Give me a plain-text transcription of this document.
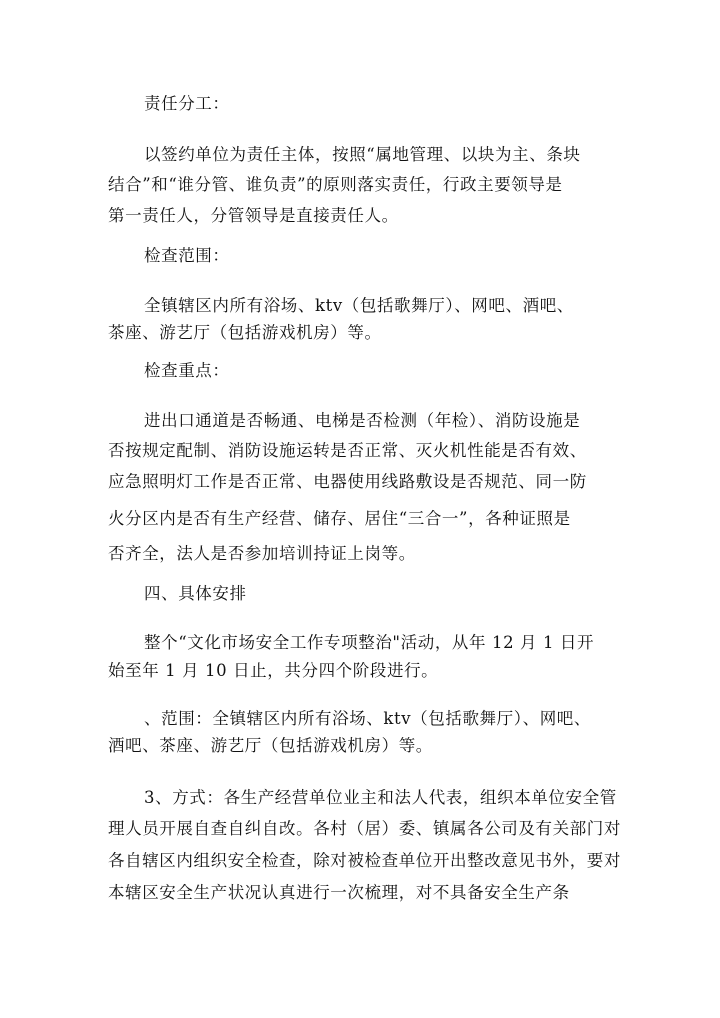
责任分工：
以签约单位为责任主体，按照“属地管理、以块为主、条块
结合”和“谁分管、谁负责”的原则落实责任，行政主要领导是
第一责任人，分管领导是直接责任人。
检查范围：
全镇辖区内所有浴场、ktv（包括歌舞厅）、网吧、酒吧、
茶座、游艺厅（包括游戏机房）等。
检查重点：
进出口通道是否畅通、电梯是否检测（年检）、消防设施是
否按规定配制、消防设施运转是否正常、灭火机性能是否有效、
应急照明灯工作是否正常、电器使用线路敷设是否规范、同一防
火分区内是否有生产经营、储存、居住“三合一”，各种证照是
否齐全，法人是否参加培训持证上岗等。
四、具体安排
整个“文化市场安全工作专项整治"活动，从年 12 月 1 日开
始至年 1 月 10 日止，共分四个阶段进行。
、范围：全镇辖区内所有浴场、ktv（包括歌舞厅）、网吧、
酒吧、茶座、游艺厅（包括游戏机房）等。
3、方式：各生产经营单位业主和法人代表，组织本单位安全管
理人员开展自查自纠自改。各村（居）委、镇属各公司及有关部门对
各自辖区内组织安全检查，除对被检查单位开出整改意见书外，要对
本辖区安全生产状况认真进行一次梳理，对不具备安全生产条
